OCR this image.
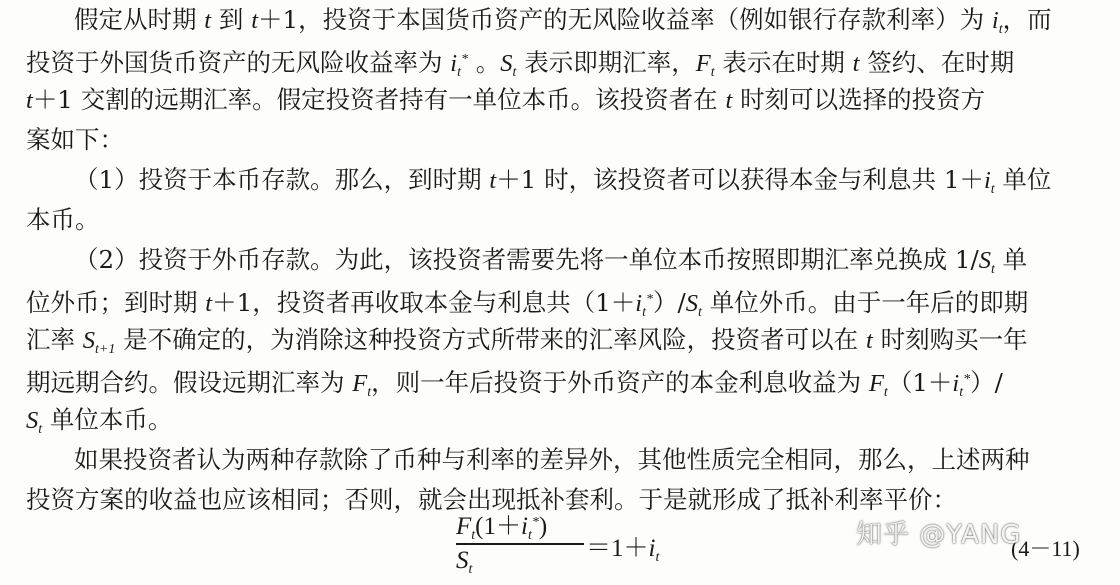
假定从时期 t 到 t＋1，投资于本国货币资产的无风险收益率（例如银行存款利率）为 $i_t$，而
投资于外国货币资产的无风险收益率为 $i_t^*$ 。$S_t$ 表示即期汇率，$F_t$ 表示在时期 t 签约、在时期
t＋1 交割的远期汇率。假定投资者持有一单位本币。该投资者在 t 时刻可以选择的投资方
案如下：
（1）投资于本币存款。那么，到时期 t＋1 时，该投资者可以获得本金与利息共 $1+i_t$ 单位
本币。
（2）投资于外币存款。为此，该投资者需要先将一单位本币按照即期汇率兑换成 $1/S_t$ 单
位外币；到时期 t＋1，投资者再收取本金与利息共$(1+i_t^*)/S_t$ 单位外币。由于一年后的即期
汇率 $S_{t+1}$ 是不确定的，为消除这种投资方式所带来的汇率风险，投资者可以在 t 时刻购买一年
期远期合约。假设远期汇率为 $F_t$，则一年后投资于外币资产的本金利息收益为 $F_t(1+i_t^*)/$
$S_t$ 单位本币。
如果投资者认为两种存款除了币种与利率的差异外，其他性质完全相同，那么，上述两种
投资方案的收益也应该相同；否则，就会出现抵补套利。于是就形成了抵补利率平价：
$F_t(1+i_t^*)$
$S_t$
$=1+i_t$	(4－11)
知乎 @YANG
